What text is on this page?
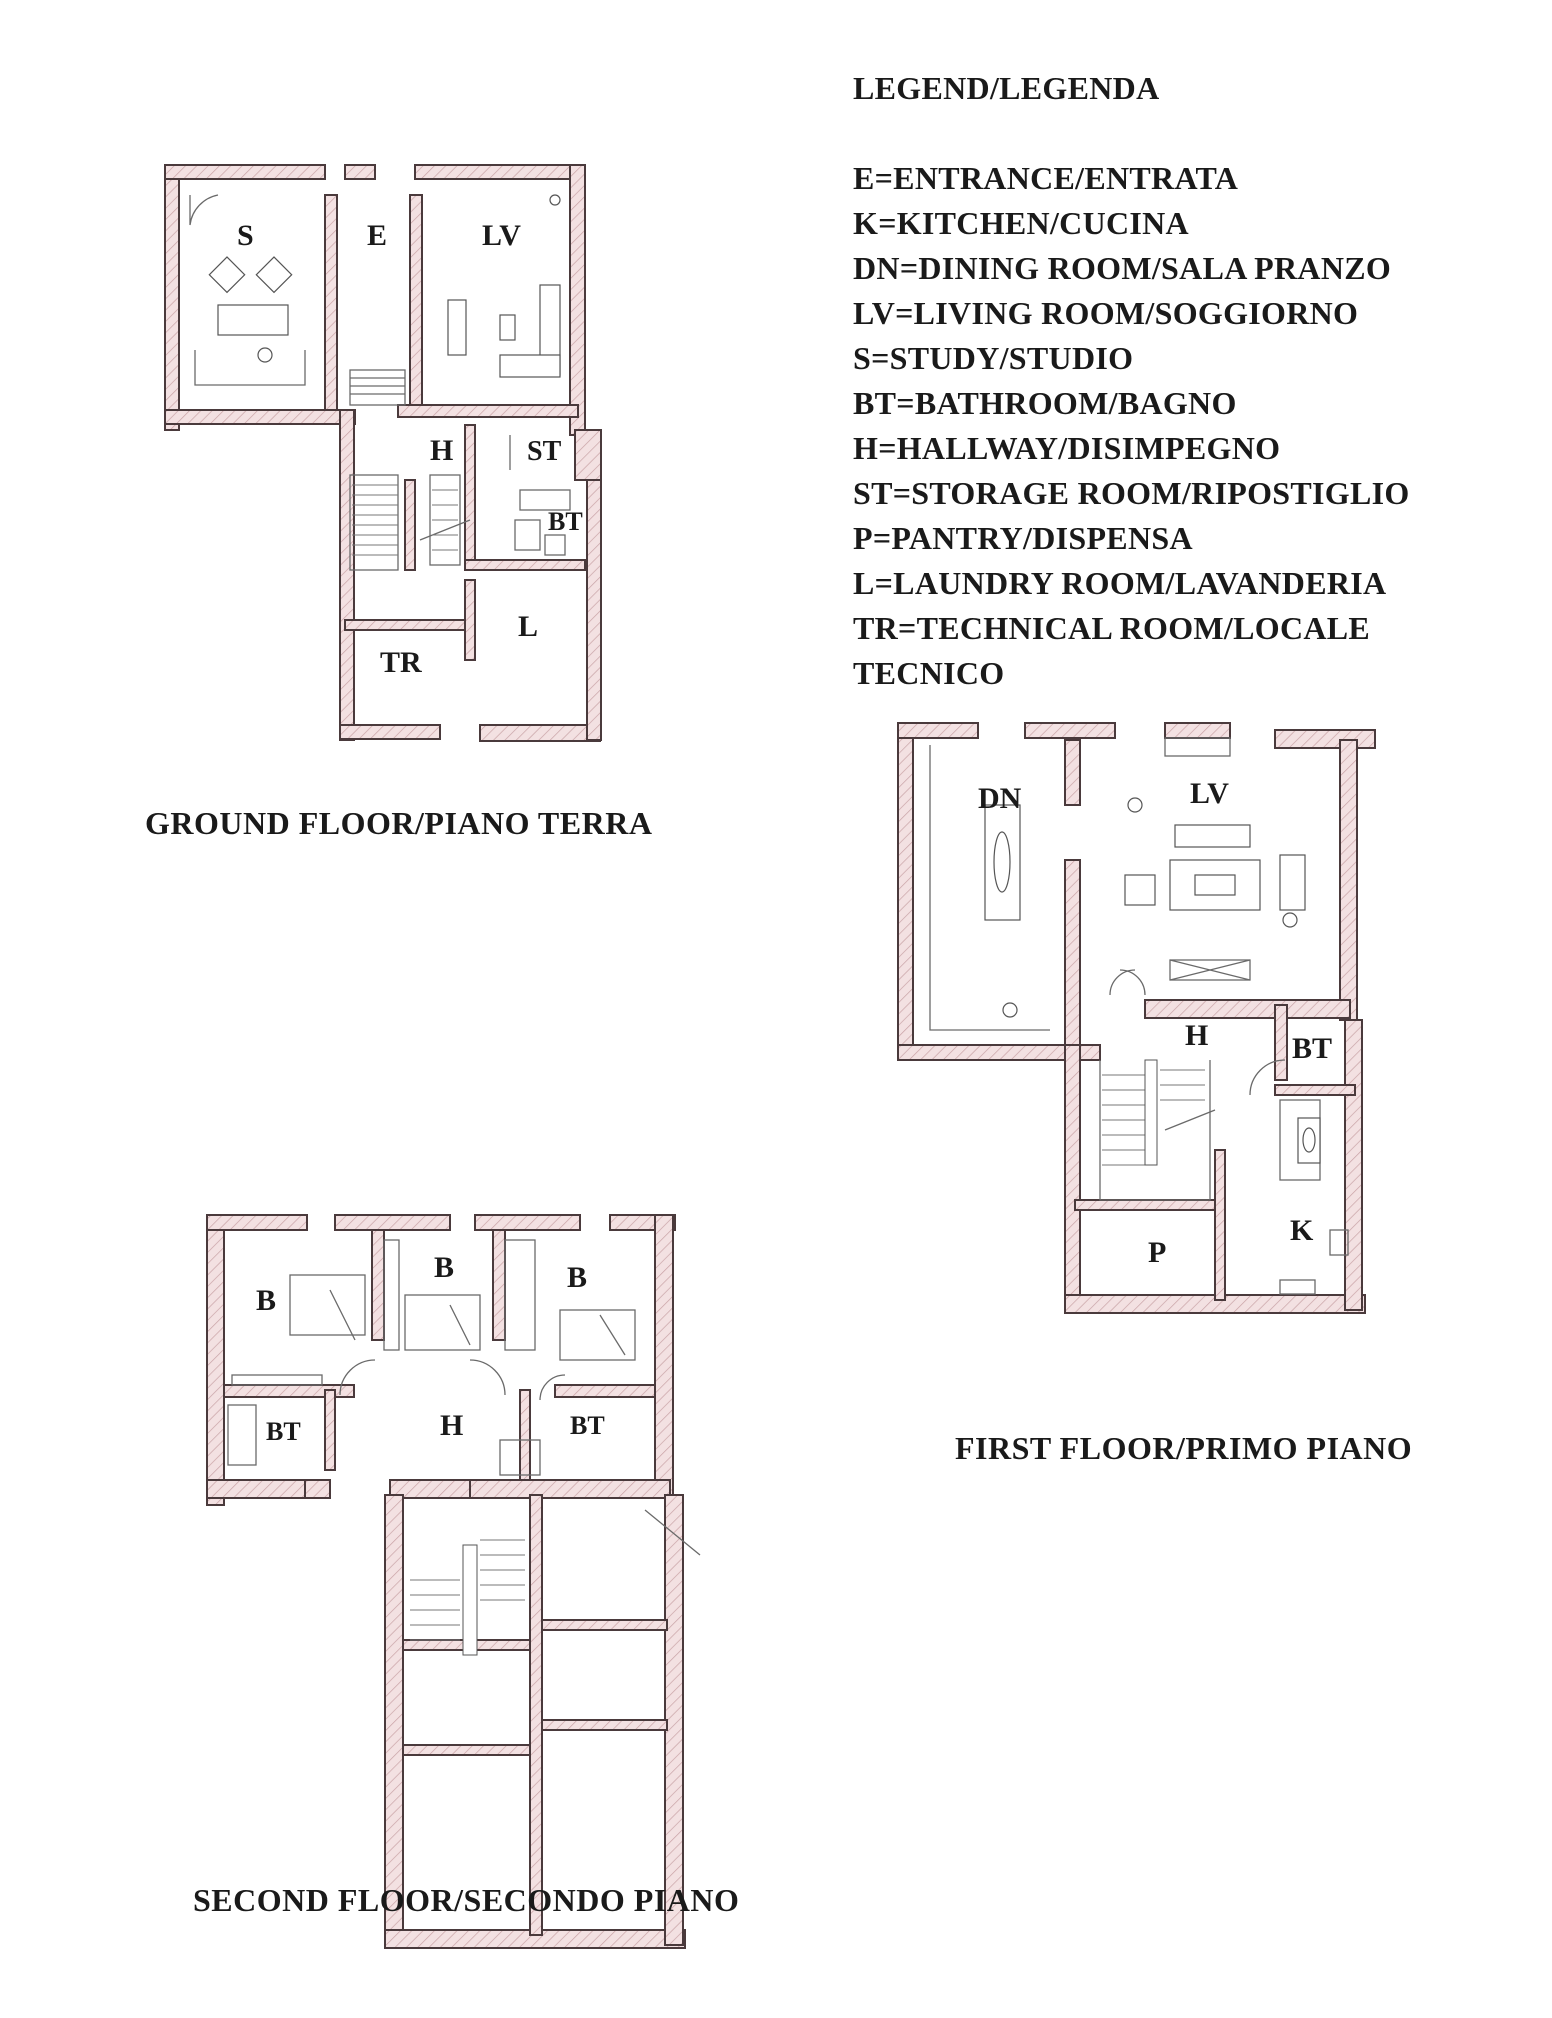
S	E	LV
H	ST
BT
TR
L
DN	LV
H	BT
K
P
B
B	B
BT	H	BT
LEGEND/LEGENDA
E=ENTRANCE/ENTRATA
K=KITCHEN/CUCINA
DN=DINING ROOM/SALA PRANZO
LV=LIVING ROOM/SOGGIORNO
S=STUDY/STUDIO
BT=BATHROOM/BAGNO
H=HALLWAY/DISIMPEGNO
ST=STORAGE ROOM/RIPOSTIGLIO
P=PANTRY/DISPENSA
L=LAUNDRY ROOM/LAVANDERIA
TR=TECHNICAL ROOM/LOCALE
TECNICO
GROUND FLOOR/PIANO TERRA
FIRST FLOOR/PRIMO PIANO
SECOND FLOOR/SECONDO PIANO
